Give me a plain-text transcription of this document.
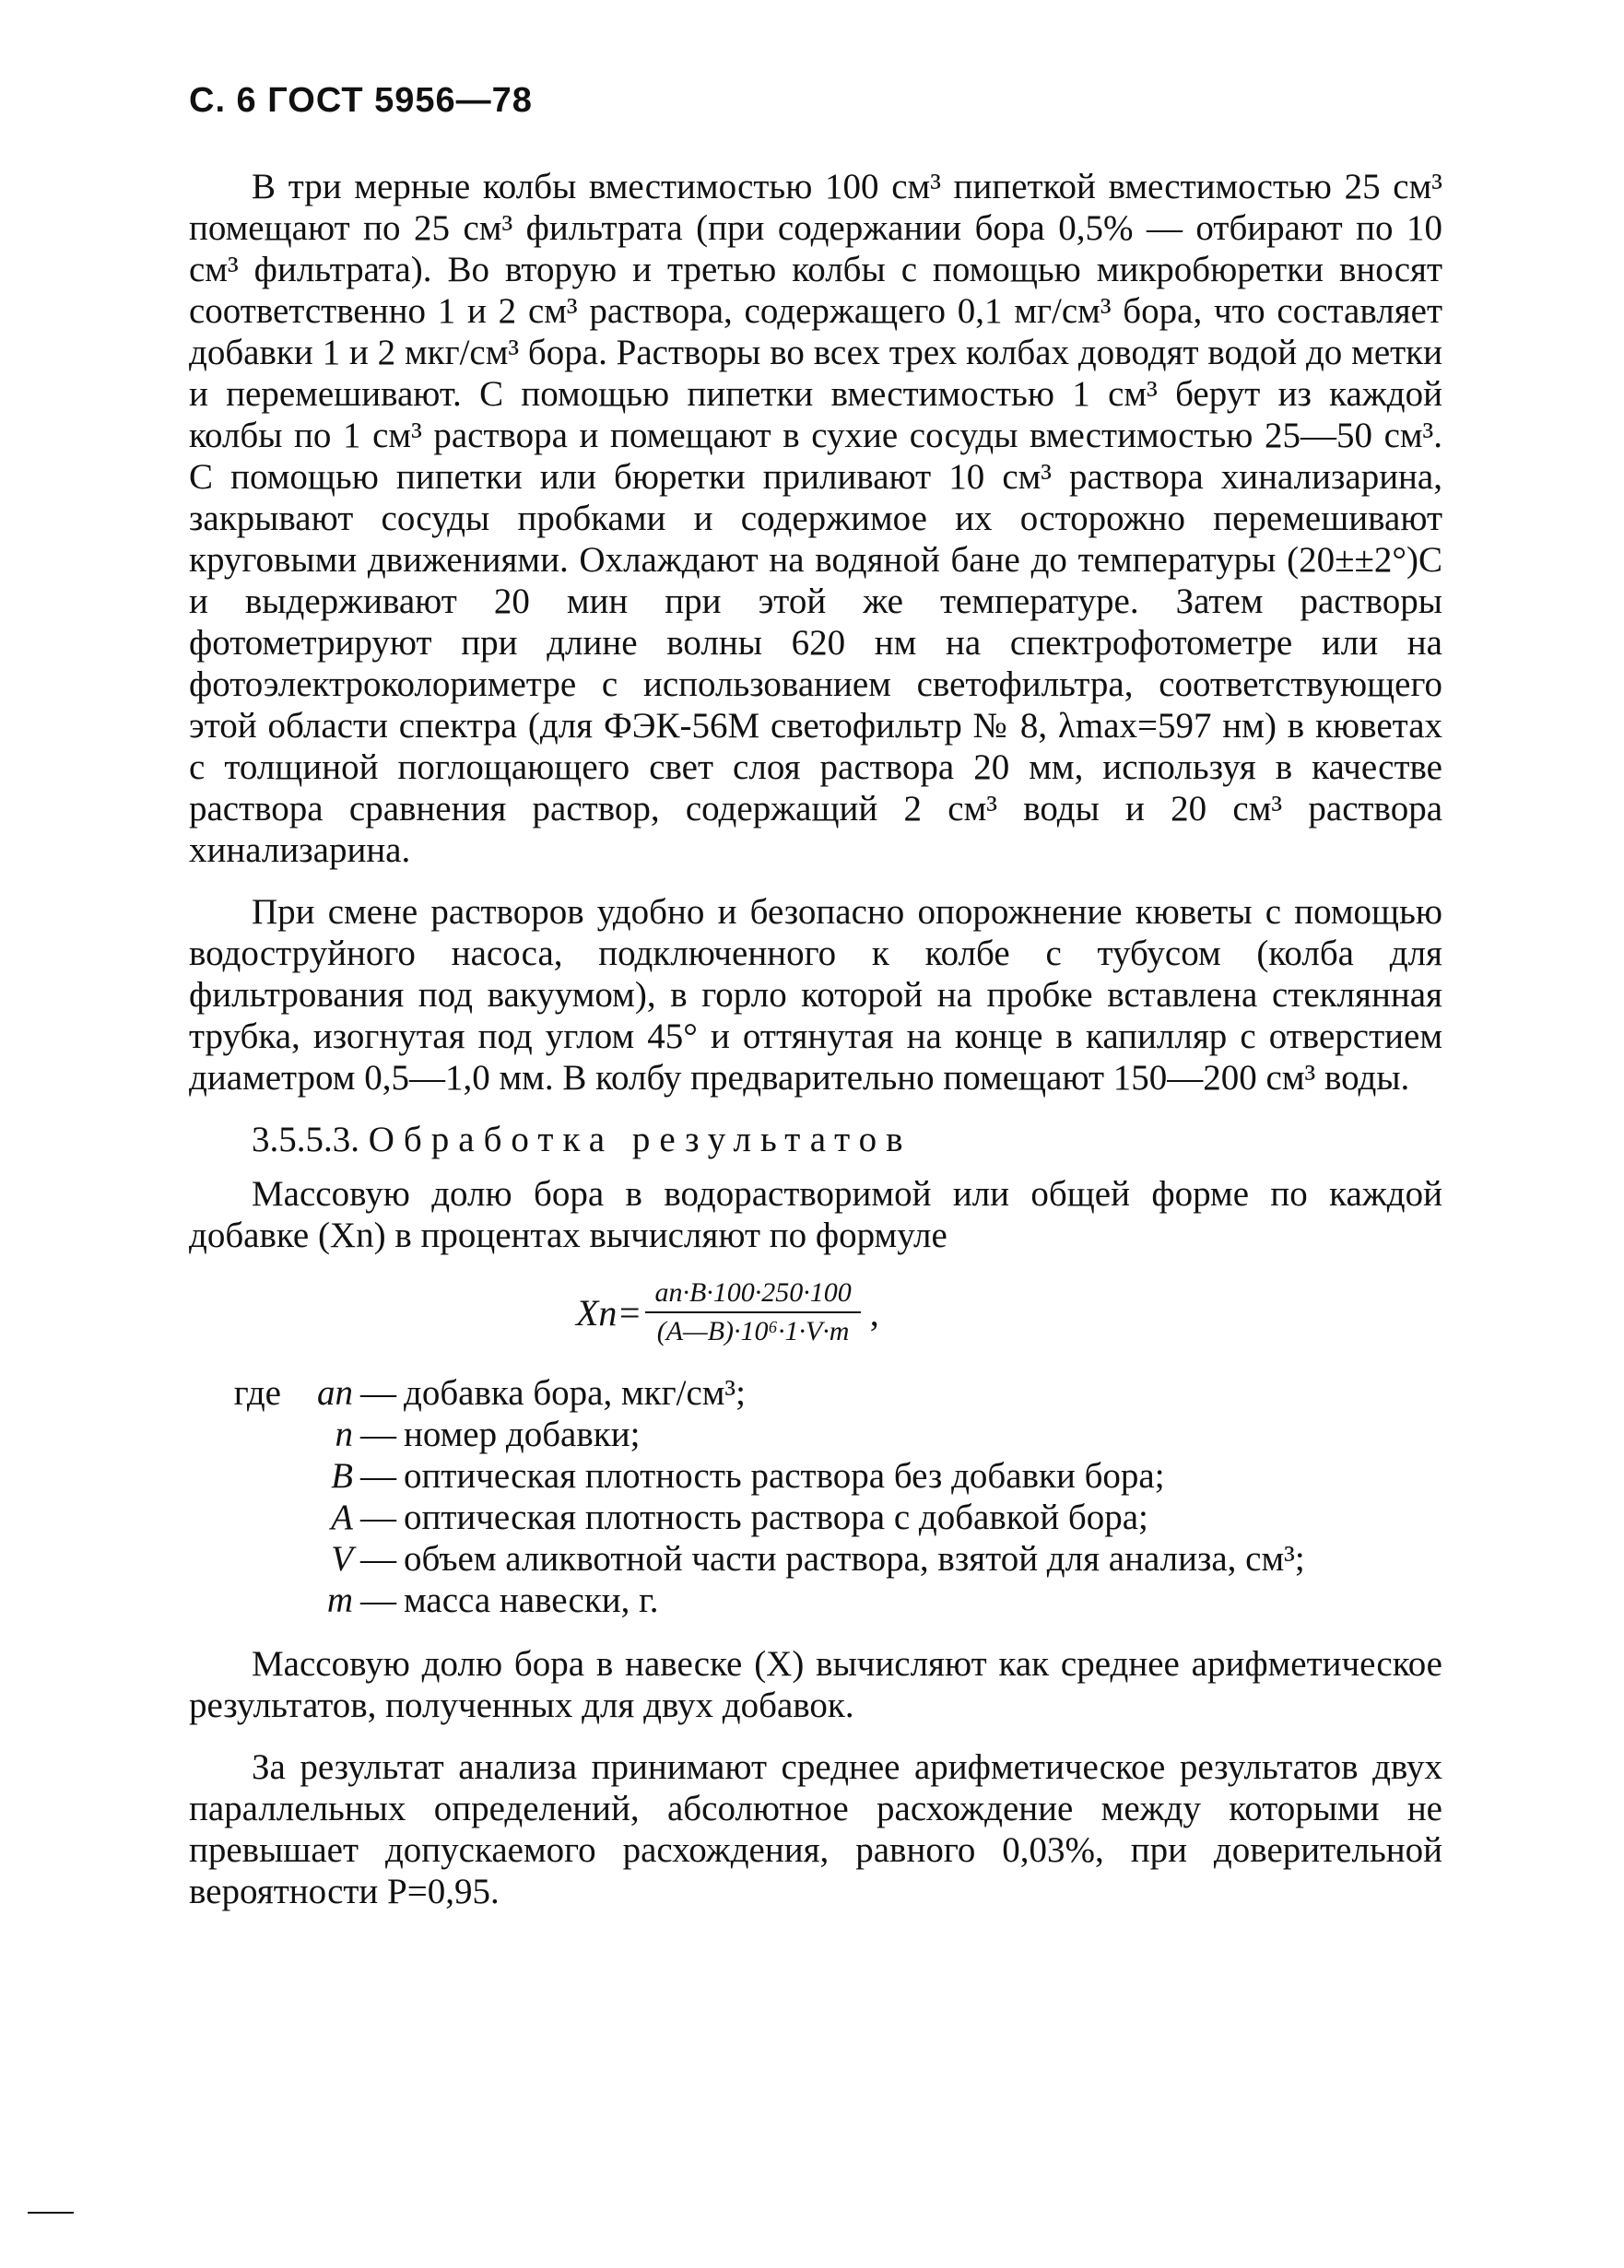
С. 6 ГОСТ 5956—78

В три мерные колбы вместимостью 100 см³ пипеткой вместимостью 25 см³ помещают по 25 см³ фильтрата (при содержании бора 0,5% — отбирают по 10 см³ фильтрата). Во вторую и третью колбы с помощью микробюретки вносят соответственно 1 и 2 см³ раствора, содержащего 0,1 мг/см³ бора, что составляет добавки 1 и 2 мкг/см³ бора. Растворы во всех трех колбах доводят водой до метки и перемешивают. С помощью пипетки вместимостью 1 см³ берут из каждой колбы по 1 см³ раствора и помещают в сухие сосуды вместимостью 25—50 см³. С помощью пипетки или бюретки приливают 10 см³ раствора хинализарина, закрывают сосуды пробками и содержимое их осторожно перемешивают круговыми движениями. Охлаждают на водяной бане до температуры (20±±2°)С и выдерживают 20 мин при этой же температуре. Затем растворы фотометрируют при длине волны 620 нм на спектрофотометре или на фотоэлектроколориметре с использованием светофильтра, соответствующего этой области спектра (для ФЭК-56М светофильтр № 8, λmax=597 нм) в кюветах с толщиной поглощающего свет слоя раствора 20 мм, используя в качестве раствора сравнения раствор, содержащий 2 см³ воды и 20 см³ раствора хинализарина.

При смене растворов удобно и безопасно опорожнение кюветы с помощью водоструйного насоса, подключенного к колбе с тубусом (колба для фильтрования под вакуумом), в горло которой на пробке вставлена стеклянная трубка, изогнутая под углом 45° и оттянутая на конце в капилляр с отверстием диаметром 0,5—1,0 мм. В колбу предварительно помещают 150—200 см³ воды.

3.5.5.3. Обработка результатов

Массовую долю бора в водорастворимой или общей форме по каждой добавке (Xn) в процентах вычисляют по формуле

$Xn= \frac{an\cdot B\cdot 100\cdot 250\cdot 100}{\text{(A—B)·10⁶·1·V·m}}$ ,
где	an — добавка бора, мкг/см³;
n — номер добавки;
B — оптическая плотность раствора без добавки бора;
A — оптическая плотность раствора с добавкой бора;
V — объем аликвотной части раствора, взятой для анализа, см³;
m — масса навески, г.

Массовую долю бора в навеске (X) вычисляют как среднее арифметическое результатов, полученных для двух добавок.

За результат анализа принимают среднее арифметическое результатов двух параллельных определений, абсолютное расхождение между которыми не превышает допускаемого расхождения, равного 0,03%, при доверительной вероятности P=0,95.
